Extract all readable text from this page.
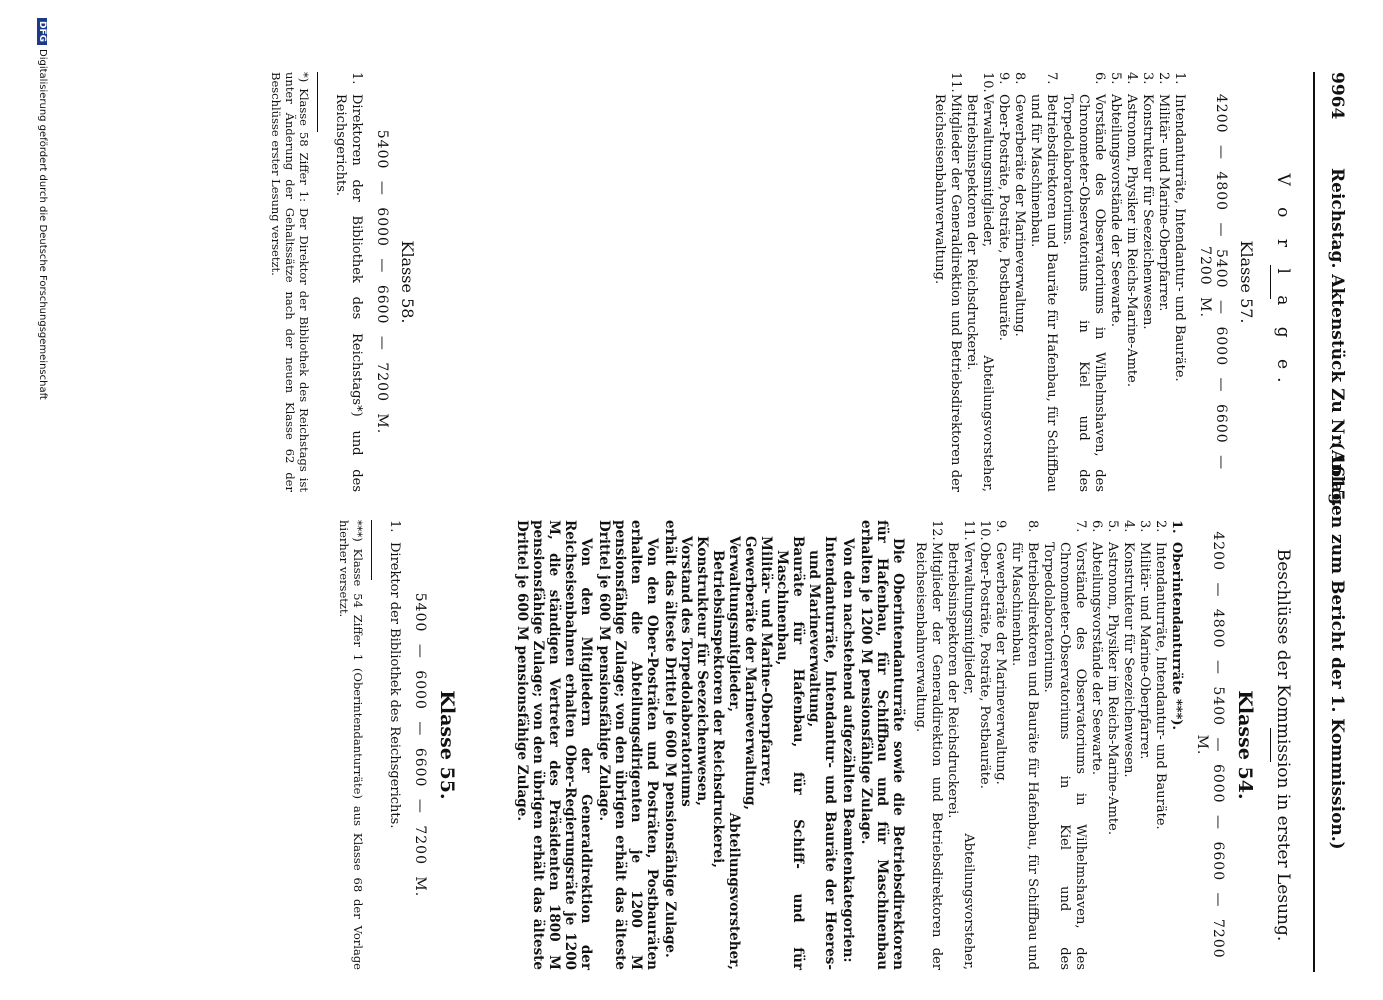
9964
Reichstag. Aktenstück Zu Nr. 1615.
(Anlagen zum Bericht der 1. Kommission.)
V o r l a g e.
Klasse 57.
4200 — 4800 — 5400 — 6000 — 6600 — 7200 M.
1.
Intendanturräte, Intendantur- und Bauräte.
2.
Militär- und Marine-Oberpfarrer.
3.
Konstrukteur für Seezeichenwesen.
4.
Astronom, Physiker im Reichs-Marine-Amte.
5.
Abteilungsvorstände der Seewarte.
6.
Vorstände des Observatoriums in Wilhelmshaven, des Chronometer-Observatoriums in Kiel und des Torpedolaboratoriums.
7.
Betriebsdirektoren und Bauräte für Hafenbau, für Schiffbau und für Maschinenbau.
8.
Gewerberäte der Marineverwaltung.
9.
Ober-Posträte, Posträte, Postbauräte.
10.
Verwaltungsmitglieder, Abteilungsvorsteher, Betriebsinspektoren der Reichsdruckerei.
11.
Mitglieder der Generaldirektion und Betriebsdirektoren der Reichseisenbahnverwaltung.
Klasse 58.
5400 — 6000 — 6600 — 7200 M.
1.
Direktoren der Bibliothek des Reichstags*) und des Reichsgerichts.
*) Klasse 58 Ziffer 1: Der Direktor der Bibliothek des Reichstags ist unter Änderung der Gehaltssätze nach der neuen Klasse 62 der Beschlüsse erster Lesung versetzt.
Beschlüsse der Kommission in erster Lesung.
Klasse 54.
4200 — 4800 — 5400 — 6000 — 6600 — 7200 M.
1.
Oberintendanturräte ***).
2.
Intendanturräte, Intendantur- und Bauräte.
3.
Militär- und Marine-Oberpfarrer.
4.
Konstrukteur für Seezeichenwesen.
5.
Astronom, Physiker im Reichs-Marine-Amte.
6.
Abteilungsvorstände der Seewarte.
7.
Vorstände des Observatoriums in Wilhelmshaven, des Chronometer-Observatoriums in Kiel und des Torpedolaboratoriums.
8.
Betriebsdirektoren und Bauräte für Hafenbau, für Schiffbau und für Maschinenbau.
9.
Gewerberäte der Marineverwaltung.
10.
Ober-Posträte, Posträte, Postbauräte.
11.
Verwaltungsmitglieder, Abteilungsvorsteher, Betriebsinspektoren der Reichsdruckerei.
12.
Mitglieder der Generaldirektion und Betriebsdirektoren der Reichseisenbahnverwaltung.

Die Oberintendanturräte sowie die Betriebsdirektoren für Hafenbau, für Schiffbau und für Maschinenbau erhalten je 1200 M pensionsfähige Zulage.

Von den nachstehend aufgezählten Beamtenkategorien:

Intendanturräte, Intendantur- und Bauräte der Heeres- und Marineverwaltung,
Bauräte für Hafenbau, für Schiff- und für Maschinenbau,
Militär- und Marine-Oberpfarrer,
Gewerberäte der Marineverwaltung,
Verwaltungsmitglieder, Abteilungsvorsteher, Betriebsinspektoren der Reichsdruckerei,
Konstrukteur für Seezeichenwesen,
Vorstand des Torpedolaboratoriums

erhält das älteste Drittel je 600 M pensionsfähige Zulage.

Von den Ober-Posträten und Posträten, Postbauräten erhalten die Abteilungsdirigenten je 1200 M pensionsfähige Zulage; von den übrigen erhält das älteste Drittel je 600 M pensionsfähige Zulage.

Von den Mitgliedern der Generaldirektion der Reichseisenbahnen erhalten Ober-Regierungsräte je 1200 M, die ständigen Vertreter des Präsidenten 1800 M pensionsfähige Zulage; von den übrigen erhält das älteste Drittel je 600 M pensionsfähige Zulage.

Klasse 55.
5400 — 6000 — 6600 — 7200 M.
1.
Direktor der Bibliothek des Reichsgerichts.
***) Klasse 54 Ziffer 1 (Oberintendanturräte) aus Klasse 68 der Vorlage hierher versetzt.
DFGDigitalisierung gefördert durch die Deutsche Forschungsgemeinschaft
